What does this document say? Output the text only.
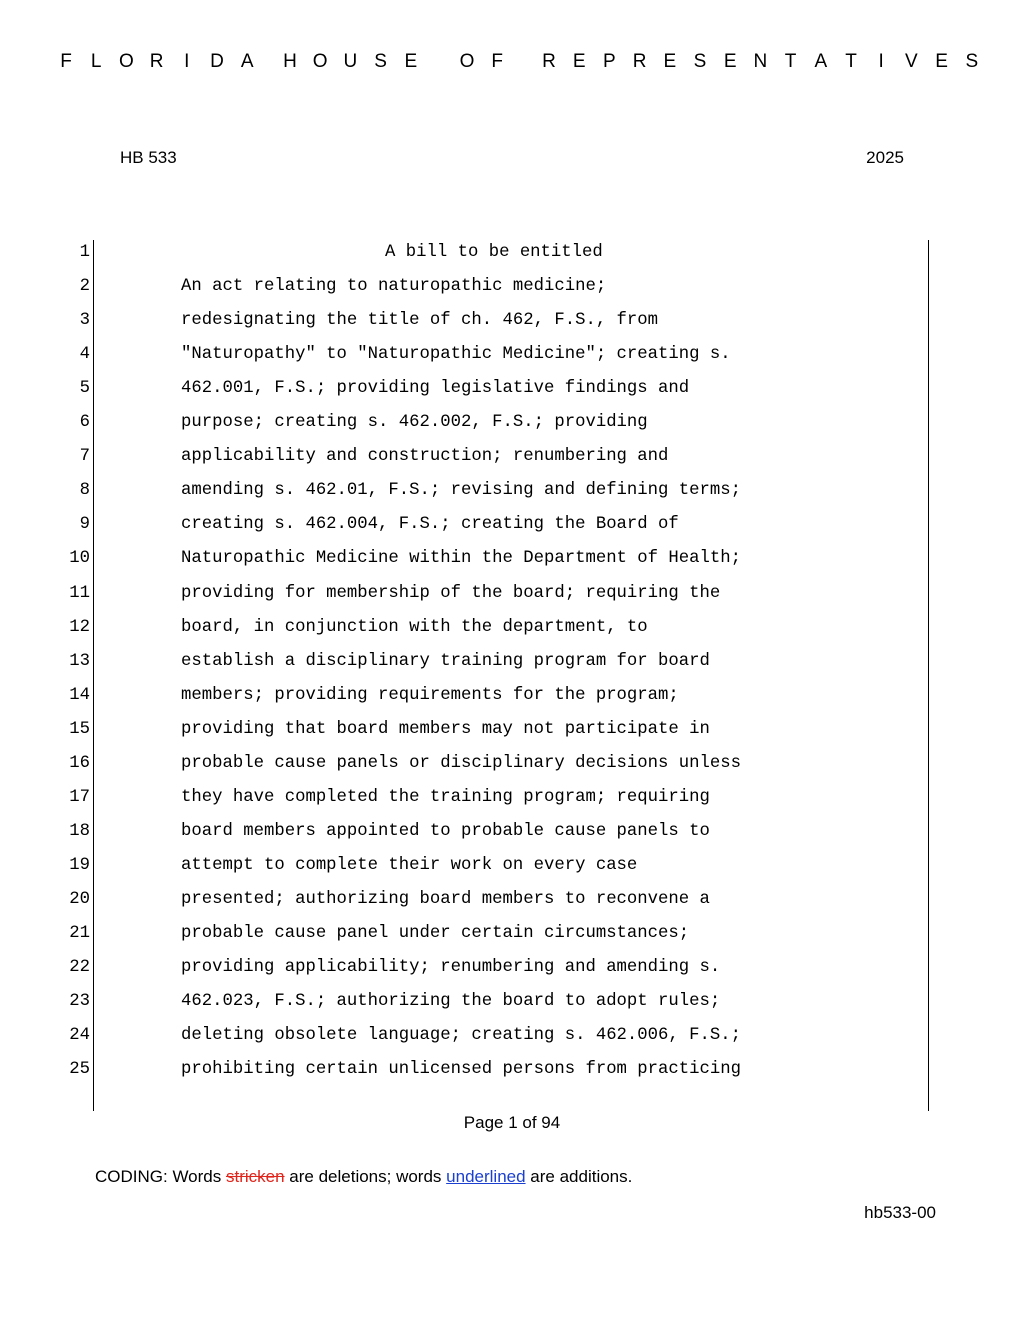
F L O R	I	D A H O U S E O F R E P R E S E N T A T	I	V E S
HB 533	2025
1	A bill to be entitled
2	An act relating to naturopathic medicine;
3	redesignating the title of ch. 462, F.S., from
4	"Naturopathy" to "Naturopathic Medicine"; creating s.
5	462.001, F.S.; providing legislative findings and
6	purpose; creating s. 462.002, F.S.; providing
7	applicability and construction; renumbering and
8	amending s. 462.01, F.S.; revising and defining terms;
9	creating s. 462.004, F.S.; creating the Board of
10	Naturopathic Medicine within the Department of Health;
11	providing for membership of the board; requiring the
12	board, in conjunction with the department, to
13	establish a disciplinary training program for board
14	members; providing requirements for the program;
15	providing that board members may not participate in
16	probable cause panels or disciplinary decisions unless
17	they have completed the training program; requiring
18	board members appointed to probable cause panels to
19	attempt to complete their work on every case
20	presented; authorizing board members to reconvene a
21	probable cause panel under certain circumstances;
22	providing applicability; renumbering and amending s.
23	462.023, F.S.; authorizing the board to adopt rules;
24	deleting obsolete language; creating s. 462.006, F.S.;
25	prohibiting certain unlicensed persons from practicing
Page 1 of 94
CODING: Words stricken are deletions; words underlined are additions.
hb533-00
